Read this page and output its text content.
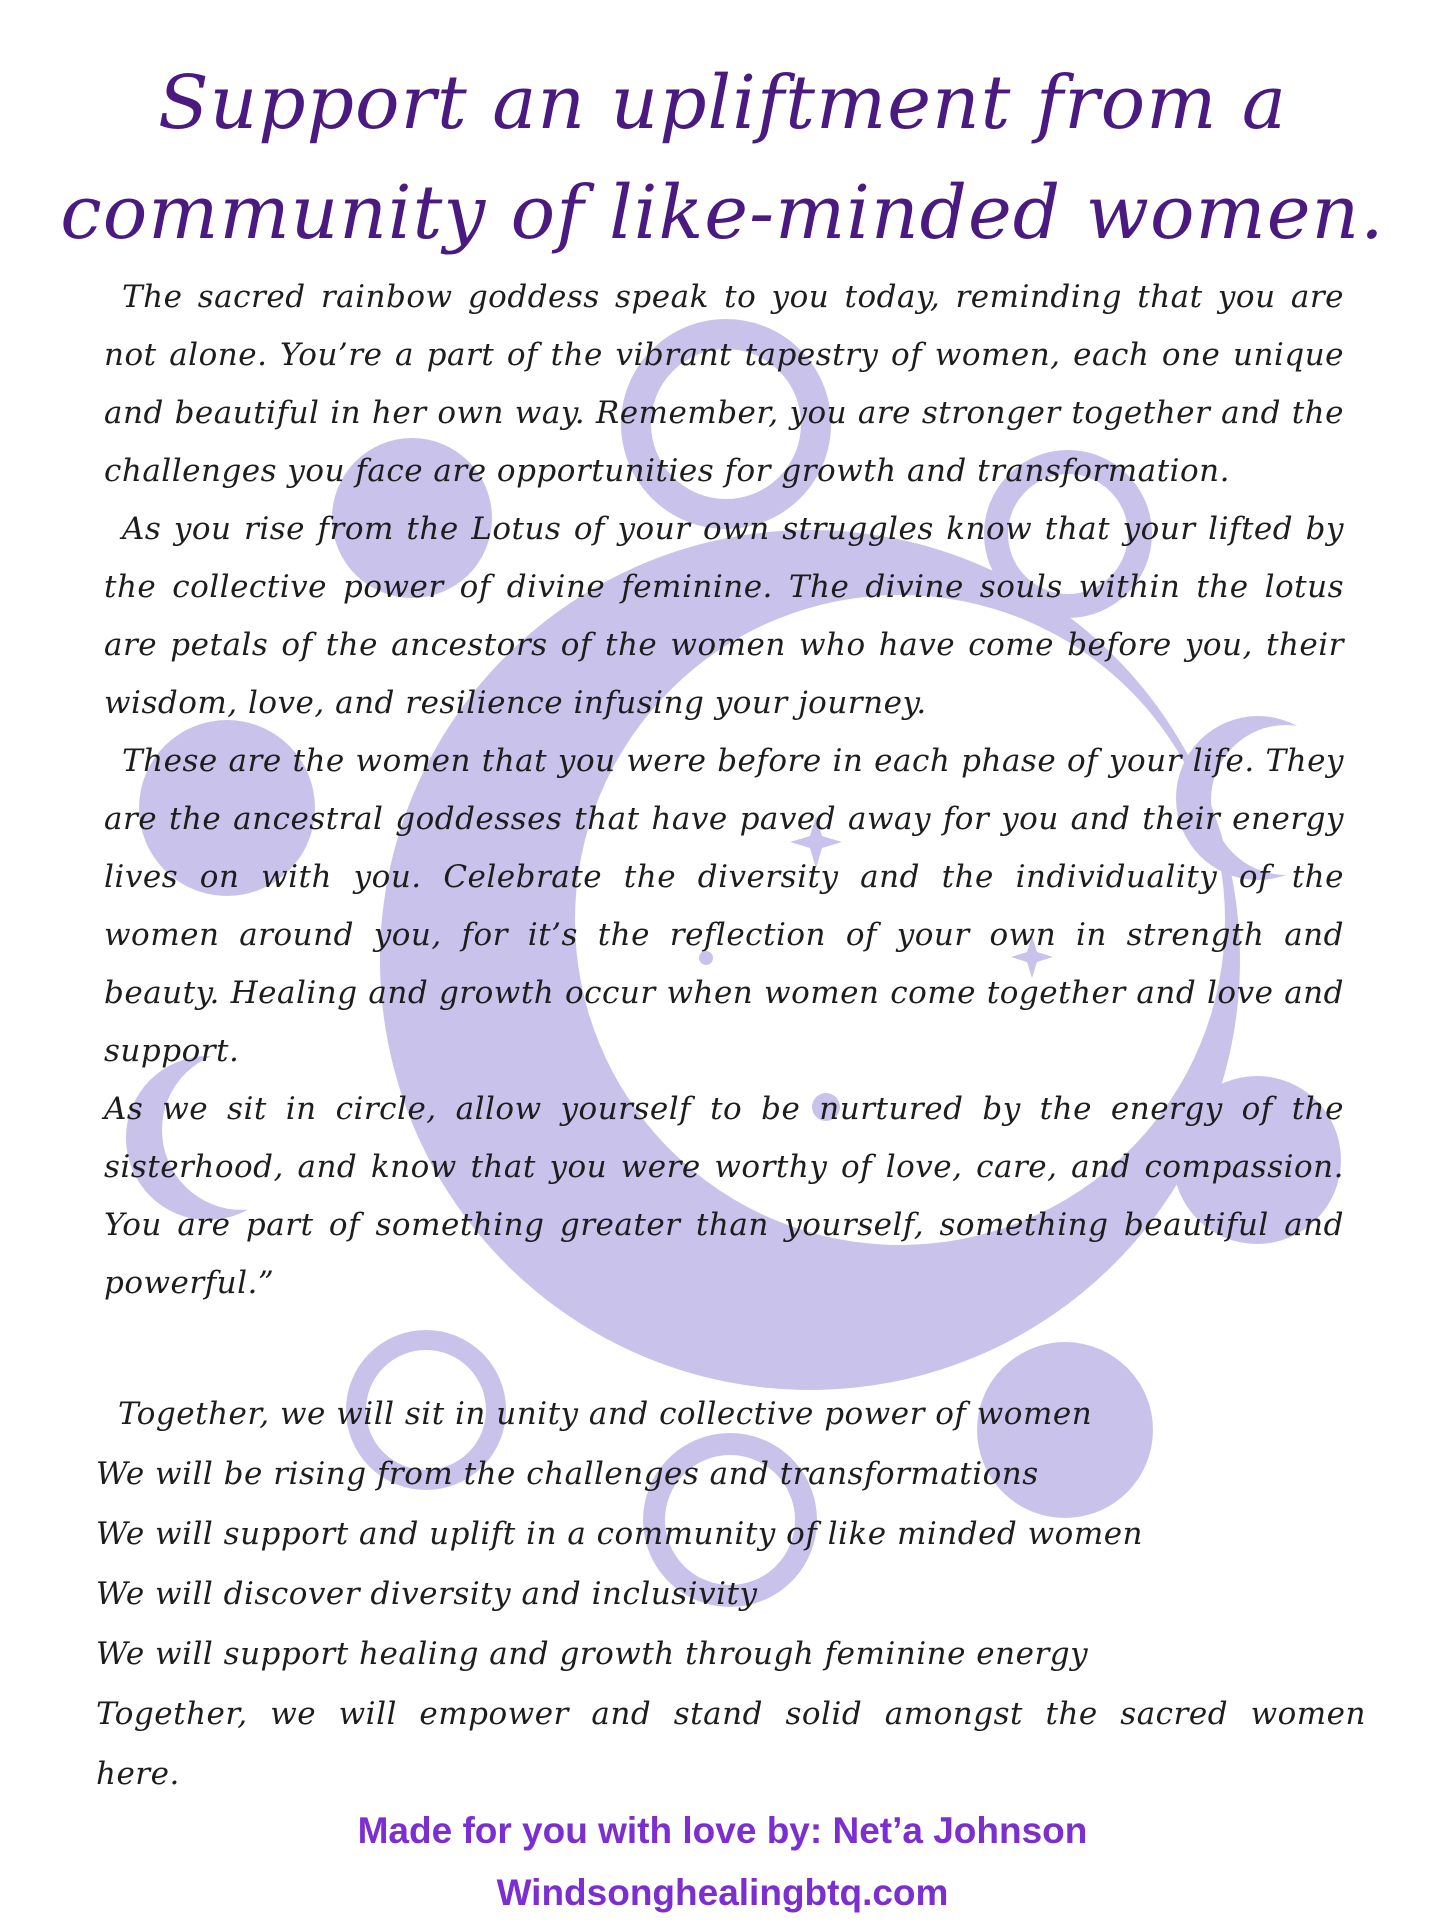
Support an upliftment from a
community of like-minded women.

The sacred rainbow goddess speak to you today, reminding that you are not alone. You’re a part of the vibrant tapestry of women, each one unique and beautiful in her own way. Remember, you are stronger together and the challenges you face are opportunities for growth and transformation.

As you rise from the Lotus of your own struggles know that your lifted by the collective power of divine feminine. The divine souls within the lotus are petals of the ancestors of the women who have come before you, their wisdom, love, and resilience infusing your journey.

These are the women that you were before in each phase of your life. They are the ancestral goddesses that have paved away for you and their energy lives on with you. Celebrate the diversity and the individuality of the women around you, for it’s the reflection of your own in strength and beauty. Healing and growth occur when women come together and love and support.

As we sit in circle, allow yourself to be nurtured by the energy of the sisterhood, and know that you were worthy of love, care, and compassion. You are part of something greater than yourself, something beautiful and powerful.”

Together, we will sit in unity and collective power of women
We will be rising from the challenges and transformations
We will support and uplift in a community of like minded women
We will discover diversity and inclusivity
We will support healing and growth through feminine energy
Together, we will empower and stand solid amongst the sacred women
here.
Made for you with love by: Net’a Johnson
Windsonghealingbtq.com
